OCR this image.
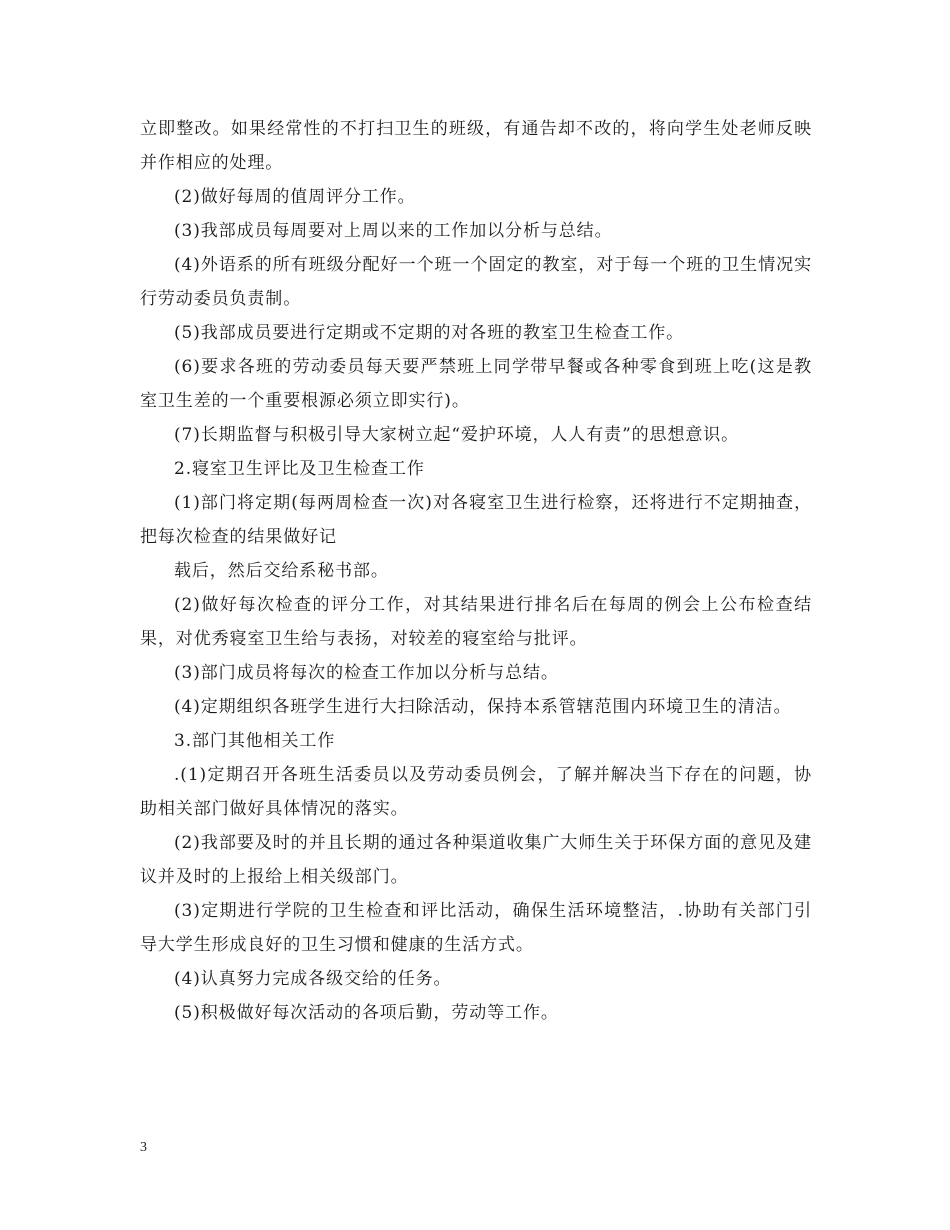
立即整改。如果经常性的不打扫卫生的班级，有通告却不改的，将向学生处老师反映并作相应的处理。

(2)做好每周的值周评分工作。

(3)我部成员每周要对上周以来的工作加以分析与总结。

(4)外语系的所有班级分配好一个班一个固定的教室，对于每一个班的卫生情况实行劳动委员负责制。

(5)我部成员要进行定期或不定期的对各班的教室卫生检查工作。

(6)要求各班的劳动委员每天要严禁班上同学带早餐或各种零食到班上吃(这是教室卫生差的一个重要根源必须立即实行)。

(7)长期监督与积极引导大家树立起“爱护环境，人人有责”的思想意识。

2.寝室卫生评比及卫生检查工作

(1)部门将定期(每两周检查一次)对各寝室卫生进行检察，还将进行不定期抽查，把每次检查的结果做好记

载后，然后交给系秘书部。

(2)做好每次检查的评分工作，对其结果进行排名后在每周的例会上公布检查结果，对优秀寝室卫生给与表扬，对较差的寝室给与批评。

(3)部门成员将每次的检查工作加以分析与总结。

(4)定期组织各班学生进行大扫除活动，保持本系管辖范围内环境卫生的清洁。

3.部门其他相关工作

.(1)定期召开各班生活委员以及劳动委员例会，了解并解决当下存在的问题，协助相关部门做好具体情况的落实。

(2)我部要及时的并且长期的通过各种渠道收集广大师生关于环保方面的意见及建议并及时的上报给上相关级部门。

(3)定期进行学院的卫生检查和评比活动，确保生活环境整洁，.协助有关部门引导大学生形成良好的卫生习惯和健康的生活方式。

(4)认真努力完成各级交给的任务。

(5)积极做好每次活动的各项后勤，劳动等工作。

3
